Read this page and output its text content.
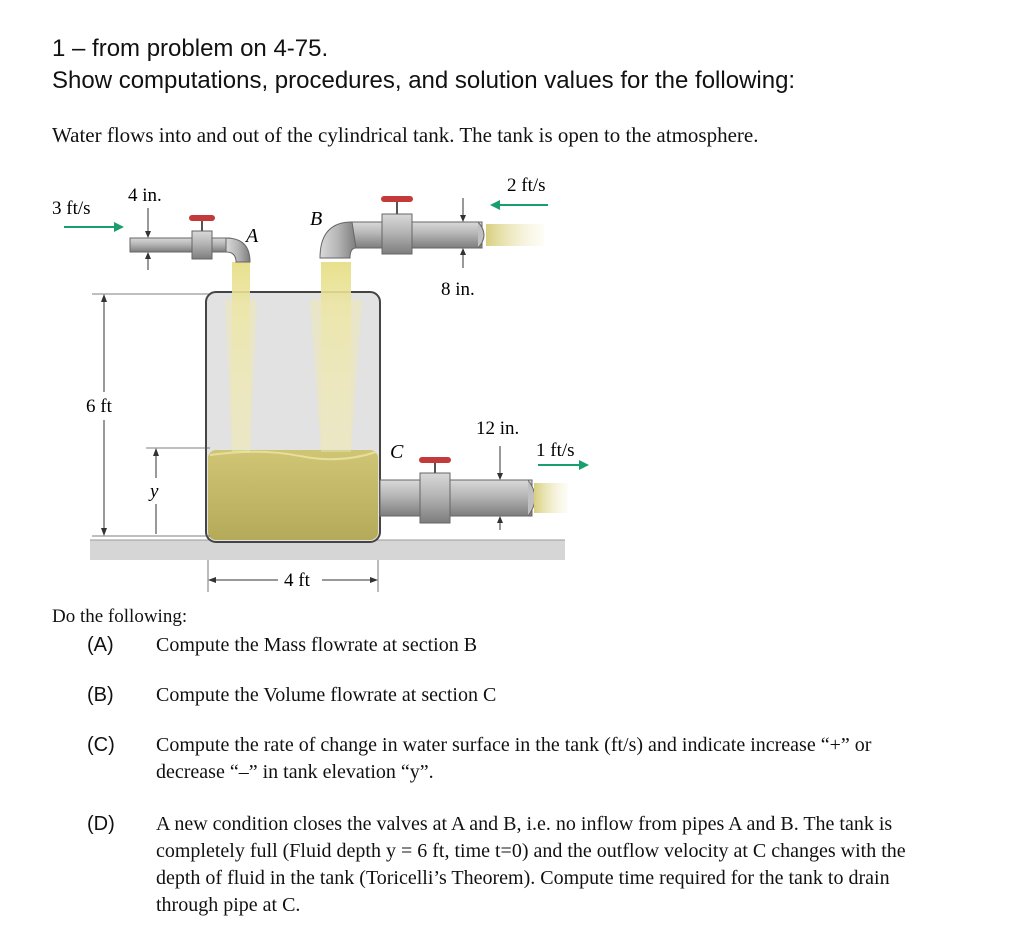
1 – from problem on 4-75.
Show computations, procedures, and solution values for the following:
Water flows into and out of the cylindrical tank. The tank is open to the atmosphere.
3 ft/s
4 in.
A
B
2 ft/s
8 in.
6 ft
y
C
12 in.
1 ft/s
4 ft
Do the following:
(A) Compute the Mass flowrate at section B
(B) Compute the Volume flowrate at section C
(C) Compute the rate of change in water surface in the tank (ft/s) and indicate increase “+” or decrease “–” in tank elevation “y”.
(D) A new condition closes the valves at A and B, i.e. no inflow from pipes A and B. The tank is completely full (Fluid depth y = 6 ft, time t=0) and the outflow velocity at C changes with the depth of fluid in the tank (Toricelli’s Theorem). Compute time required for the tank to drain through pipe at C.
